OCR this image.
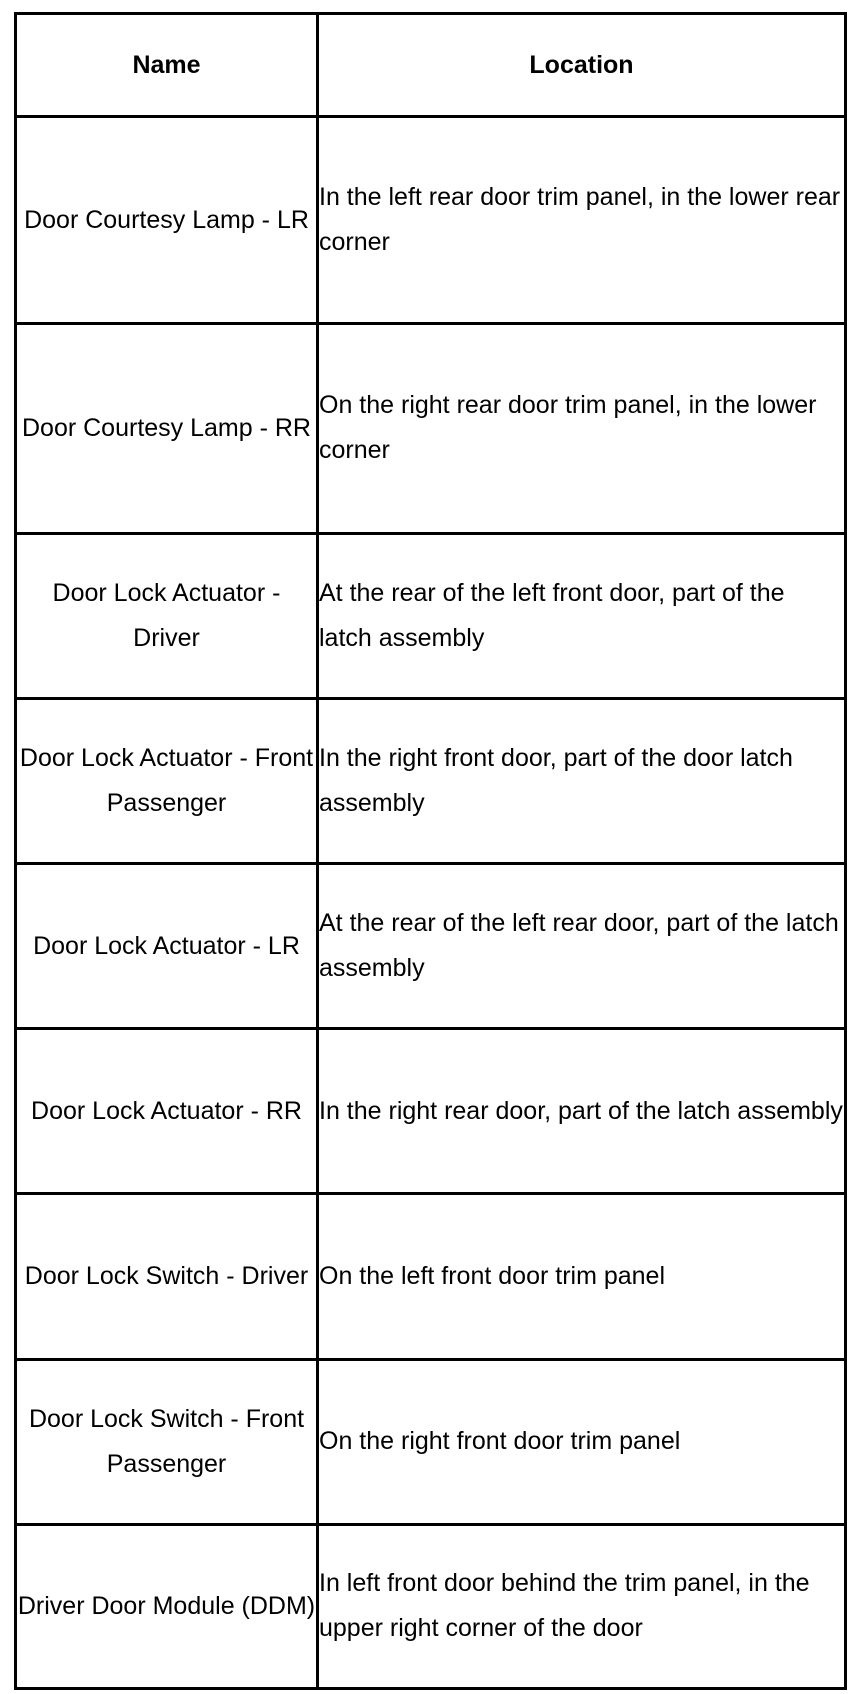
Name	Location
Door Courtesy Lamp - LR	In the left rear door trim panel, in the lower rear corner
Door Courtesy Lamp - RR	On the right rear door trim panel, in the lower corner
Door Lock Actuator - Driver	At the rear of the left front door, part of the latch assembly
Door Lock Actuator - Front Passenger	In the right front door, part of the door latch assembly
Door Lock Actuator - LR	At the rear of the left rear door, part of the latch assembly
Door Lock Actuator - RR	In the right rear door, part of the latch assembly
Door Lock Switch - Driver	On the left front door trim panel
Door Lock Switch - Front Passenger	On the right front door trim panel
Driver Door Module (DDM)	In left front door behind the trim panel, in the upper right corner of the door
